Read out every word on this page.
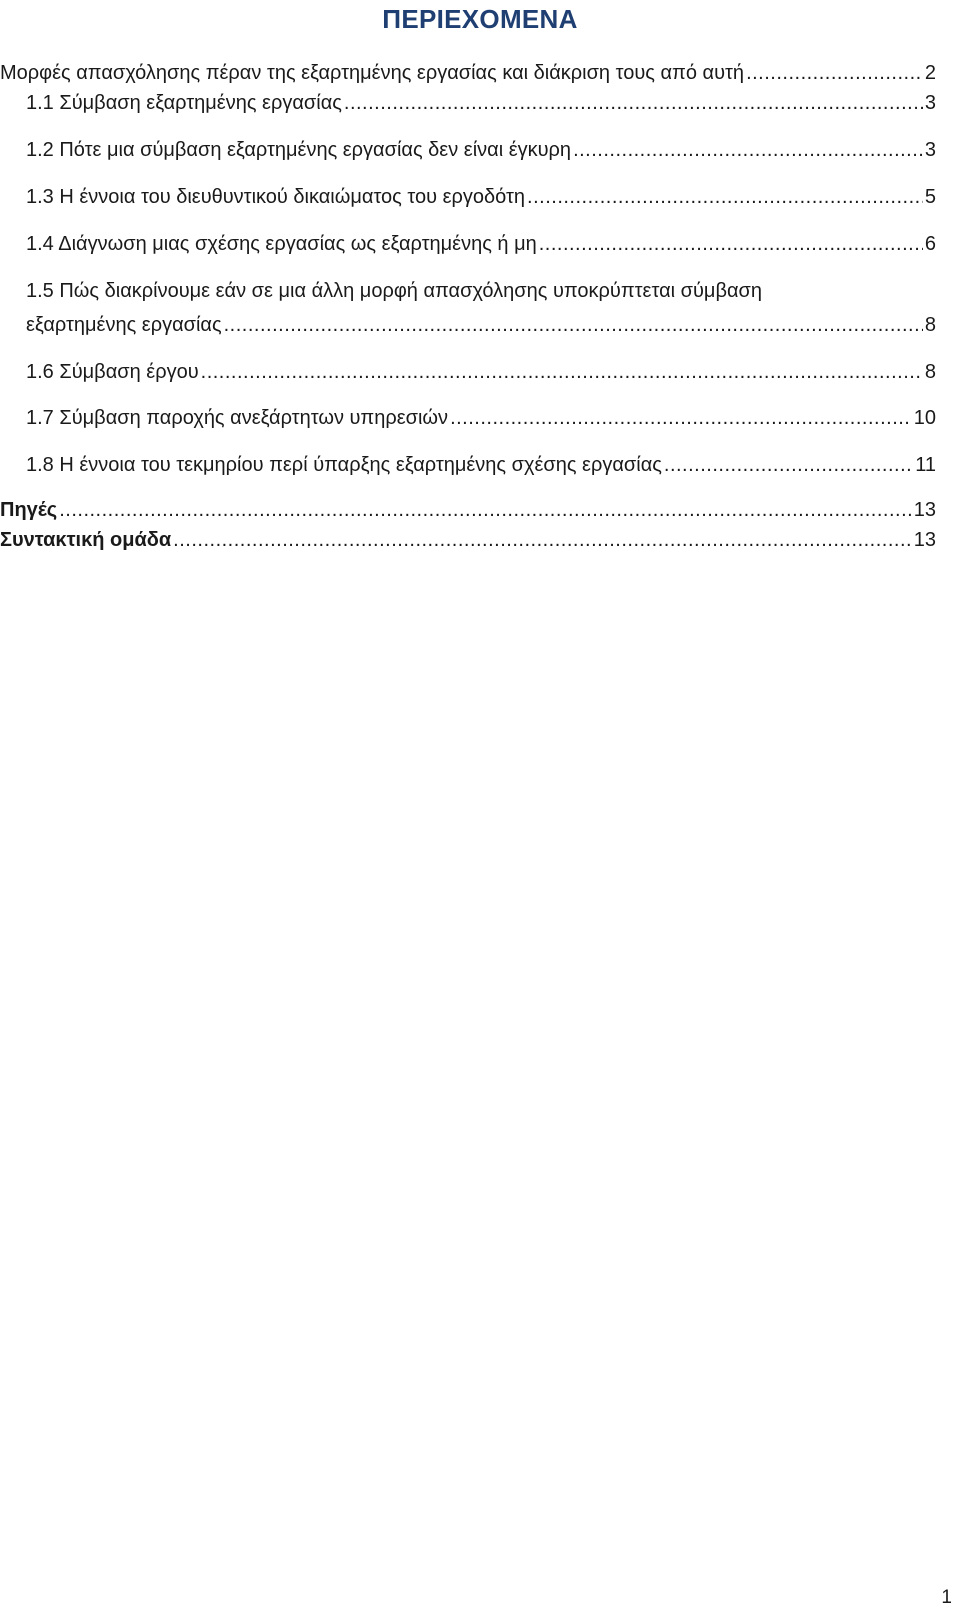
ΠΕΡΙΕΧΟΜΕΝΑ
Μορφές απασχόλησης πέραν της εξαρτημένης εργασίας και διάκριση τους από αυτή .....	2
1.1 Σύμβαση εξαρτημένης εργασίας .....	3
1.2 Πότε μια σύμβαση εξαρτημένης εργασίας δεν είναι έγκυρη .....	3
1.3 Η έννοια του διευθυντικού δικαιώματος του εργοδότη .....	5
1.4 Διάγνωση μιας σχέσης εργασίας ως εξαρτημένης ή μη .....	6
1.5 Πώς διακρίνουμε εάν σε μια άλλη μορφή απασχόλησης υποκρύπτεται σύμβαση
εξαρτημένης εργασίας .....	8
1.6 Σύμβαση έργου .....	8
1.7 Σύμβαση παροχής ανεξάρτητων υπηρεσιών .....	10
1.8 Η έννοια του τεκμηρίου περί ύπαρξης εξαρτημένης σχέσης εργασίας .....	11
Πηγές .....	13
Συντακτική ομάδα .....	13
1
